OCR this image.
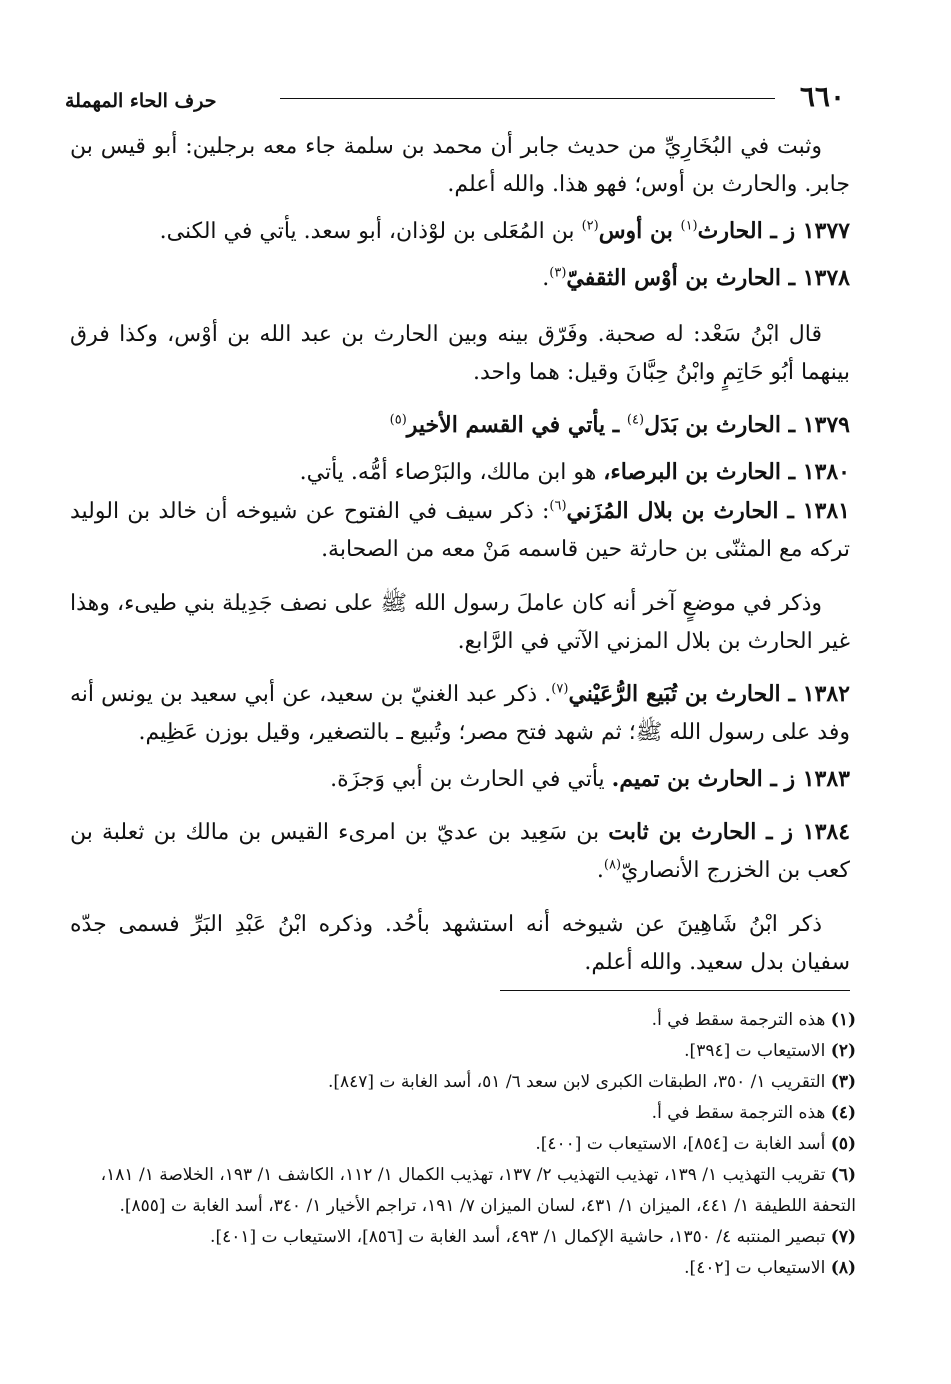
٦٦٠
حرف الحاء المهملة

وثبت في البُخَارِيِّ من حديث جابر أن محمد بن سلمة جاء معه برجلين: أبو قيس بن جابر. والحارث بن أوس؛ فهو هذا. والله أعلم.

١٣٧٧ ز ـ الحارث$^{(١)}$ بن أوس$^{(٢)}$ بن المُعَلى بن لوْذان، أبو سعد. يأتي في الكنى.

١٣٧٨ ـ الحارث بن أوْس الثقفيّ$^{(٣)}$.

قال ابْنُ سَعْد: له صحبة. وفَرّق بينه وبين الحارث بن عبد الله بن أوْس، وكذا فرق بينهما أبُو حَاتِمٍ وابْنُ حِبَّانَ وقيل: هما واحد.

١٣٧٩ ـ الحارث بن بَدَل$^{(٤)}$ ـ يأتي في القسم الأخير$^{(٥)}$

١٣٨٠ ـ الحارث بن البرصاء، هو ابن مالك، والبَرْصاء أمُّه. يأتي.

١٣٨١ ـ الحارث بن بلال المُزَني$^{(٦)}$: ذكر سيف في الفتوح عن شيوخه أن خالد بن الوليد تركه مع المثنّى بن حارثة حين قاسمه مَنْ معه من الصحابة.

وذكر في موضعٍ آخر أنه كان عاملَ رسول الله ﷺ على نصف جَدِيلة بني طيىء، وهذا غير الحارث بن بلال المزني الآتي في الرَّابع.

١٣٨٢ ـ الحارث بن تُبَيع الرُّعَيْني$^{(٧)}$. ذكر عبد الغنيّ بن سعيد، عن أبي سعيد بن يونس أنه وفد على رسول الله ﷺ؛ ثم شهد فتح مصر؛ وتُبيع ـ بالتصغير، وقيل بوزن عَظِيم.

١٣٨٣ ز ـ الحارث بن تميم. يأتي في الحارث بن أبي وَجزَة.

١٣٨٤ ز ـ الحارث بن ثابت بن سَعِيد بن عديّ بن امرىء القيس بن مالك بن ثعلبة بن كعب بن الخزرج الأنصاريّ$^{(٨)}$.

ذكر ابْنُ شَاهِينَ عن شيوخه أنه استشهد بأحُد. وذكره ابْنُ عَبْدِ البَرِّ فسمى جدّه سفيان بدل سعيد. والله أعلم.

(١) هذه الترجمة سقط في أ.
(٢) الاستيعاب ت [٣٩٤].
(٣) التقريب ١/ ٣٥٠، الطبقات الكبرى لابن سعد ٦/ ٥١، أسد الغابة ت [٨٤٧].
(٤) هذه الترجمة سقط في أ.
(٥) أسد الغابة ت [٨٥٤]، الاستيعاب ت [٤٠٠].
(٦) تقريب التهذيب ١/ ١٣٩، تهذيب التهذيب ٢/ ١٣٧، تهذيب الكمال ١/ ١١٢، الكاشف ١/ ١٩٣، الخلاصة ١/ ١٨١، التحفة اللطيفة ١/ ٤٤١، الميزان ١/ ٤٣١، لسان الميزان ٧/ ١٩١، تراجم الأخيار ١/ ٣٤٠، أسد الغابة ت [٨٥٥].
(٧) تبصير المنتبه ٤/ ١٣٥٠، حاشية الإكمال ١/ ٤٩٣، أسد الغابة ت [٨٥٦]، الاستيعاب ت [٤٠١].
(٨) الاستيعاب ت [٤٠٢].
